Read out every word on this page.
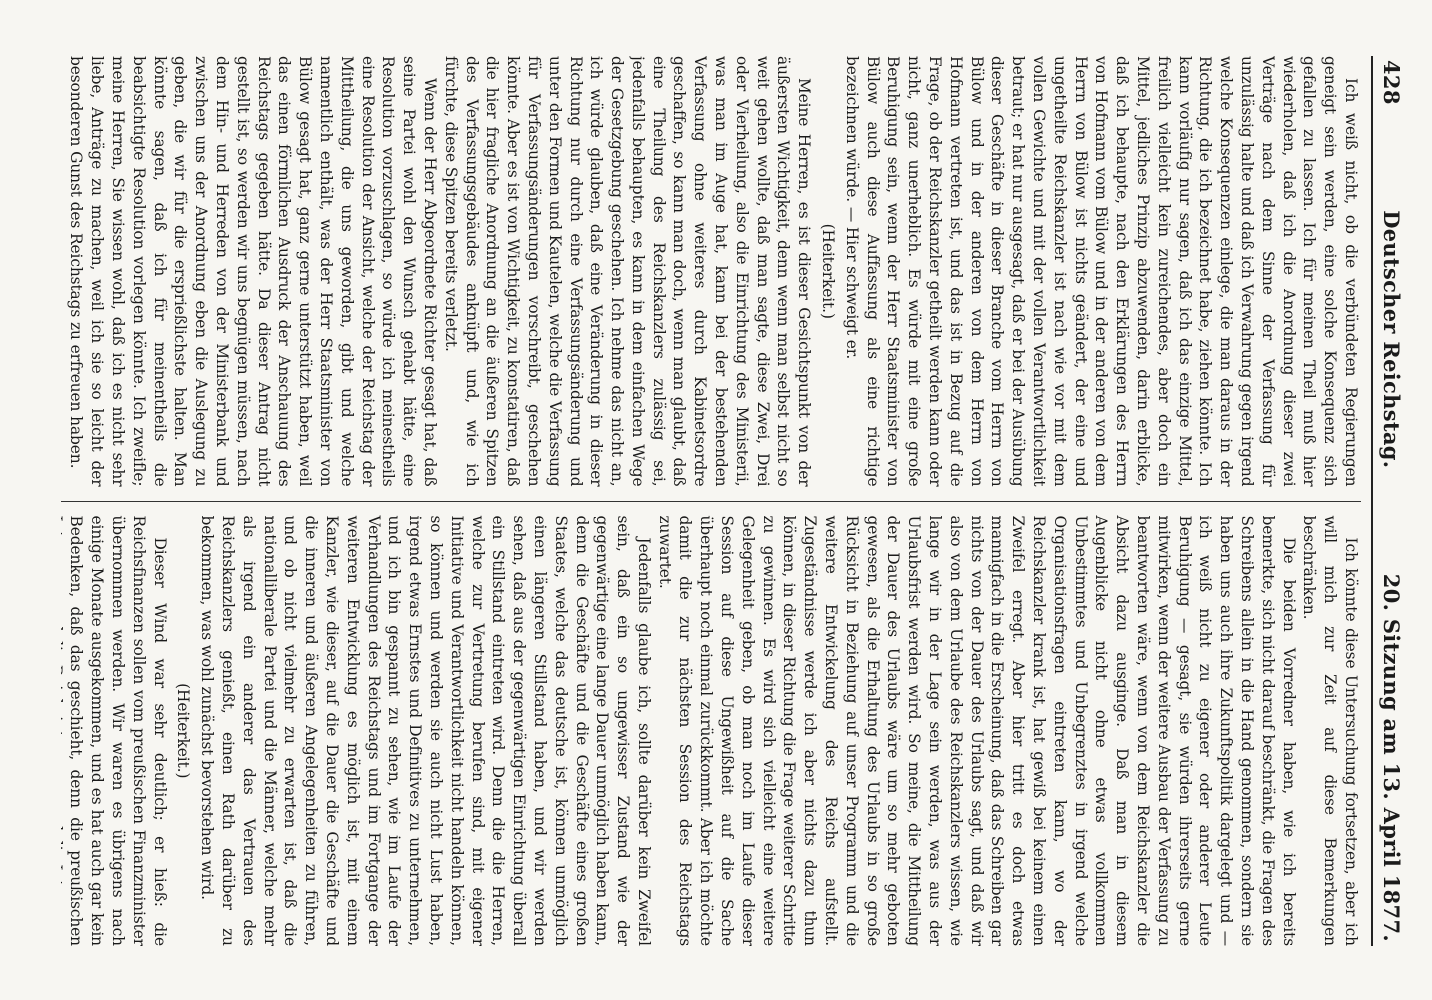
428
Deutscher Reichstag.
20. Sitzung am 13. April 1877.

Ich weiß nicht, ob die verbündeten Regierungen geneigt sein werden, eine solche Konsequenz sich gefallen zu lassen. Ich für meinen Theil muß hier wiederholen, daß ich die Anordnung dieser zwei Verträge nach dem Sinne der Verfassung für unzulässig halte und daß ich Verwahrung gegen irgend welche Konsequenzen einlege, die man daraus in der Richtung, die ich bezeichnet habe, ziehen könnte. Ich kann vorläufig nur sagen, daß ich das einzige Mittel, freilich vielleicht kein zureichendes, aber doch ein Mittel, jedliches Prinzip abzuwenden, darin erblicke, daß ich behaupte, nach den Erklärungen des Herrn von Hofmann vom Bülow und in der anderen von dem Herrn von Bülow ist nichts geändert, der eine und ungetheilte Reichskanzler ist nach wie vor mit dem vollen Gewichte und mit der vollen Verantwortlichkeit betraut; er hat nur ausgesagt, daß er bei der Ausübung dieser Geschäfte in dieser Branche vom Herrn von Bülow und in der anderen von dem Herrn von Hofmann vertreten ist, und das ist in Bezug auf die Frage, ob der Reichskanzler getheilt werden kann oder nicht, ganz unerheblich. Es würde mit eine große Beruhigung sein, wenn der Herr Staatsminister von Bülow auch diese Auffassung als eine richtige bezeichnen würde. — Hier schweigt er.

(Heiterkeit.)

Meine Herren, es ist dieser Gesichtspunkt von der äußersten Wichtigkeit, denn wenn man selbst nicht so weit gehen wollte, daß man sagte, diese Zwei, Drei oder Vierheilung, also die Einrichtung des Ministerii, was man im Auge hat, kann bei der bestehenden Verfassung ohne weiteres durch Kabinetsordre geschaffen, so kann man doch, wenn man glaubt, daß eine Theilung des Reichskanzlers zulässig sei, jedenfalls behaupten, es kann in dem einfachen Wege der Gesetzgebung geschehen. Ich nehme das nicht an, ich würde glauben, daß eine Veränderung in dieser Richtung nur durch eine Verfassungsänderung und unter den Formen und Kautelen, welche die Verfassung für Verfassungsänderungen vorschreibt, geschehen könnte. Aber es ist von Wichtigkeit, zu konstatiren, daß die hier fragliche Anordnung an die äußeren Spitzen des Verfassungsgebäudes anknüpft und, wie ich fürchte, diese Spitzen bereits verletzt.

Wenn der Herr Abgeordnete Richter gesagt hat, daß seine Partei wohl den Wunsch gehabt hätte, eine Resolution vorzuschlagen, so würde ich meinestheils eine Resolution der Ansicht, welche der Reichstag der Mittheilung, die uns geworden, gibt und welche namentlich enthält, was der Herr Staatsminister von Bülow gesagt hat, ganz gerne unterstützt haben, weil das einen förmlichen Ausdruck der Anschauung des Reichstags gegeben hätte. Da dieser Antrag nicht gestellt ist, so werden wir uns begnügen müssen, nach dem Hin- und Herreden von der Ministerbank und zwischen uns der Anordnung eben die Auslegung zu geben, die wir für die ersprießlichste halten. Man könnte sagen, daß ich für meinentheils die beabsichtigte Resolution vorlegen könnte. Ich zweifle; meine Herren, Sie wissen wohl, daß ich es nicht sehr liebe, Anträge zu machen, weil ich sie so leicht der besonderen Gunst des Reichstags zu erfreuen haben.

Ich könnte diese Untersuchung fortsetzen, aber ich will mich zur Zeit auf diese Bemerkungen beschränken.

Die beiden Vorredner haben, wie ich bereits bemerkte, sich nicht darauf beschränkt, die Fragen des Schreibens allein in die Hand genommen, sondern sie haben uns auch ihre Zukunftspolitik dargelegt und — ich weiß nicht zu eigener oder anderer Leute Beruhigung — gesagt, sie würden ihrerseits gerne mitwirken, wenn der weitere Ausbau der Verfassung zu beantworten wäre, wenn von dem Reichskanzler die Absicht dazu ausginge. Daß man in diesem Augenblicke nicht ohne etwas vollkommen Unbestimmtes und Unbegrenztes in irgend welche Organisationsfragen eintreten kann, wo der Reichskanzler krank ist, hat gewiß bei keinem einen Zweifel erregt. Aber hier tritt es doch etwas mannigfach in die Erscheinung, daß das Schreiben gar nichts von der Dauer des Urlaubs sagt, und daß wir also von dem Urlaube des Reichskanzlers wissen, wie lange wir in der Lage sein werden, was aus der Urlaubsfrist werden wird. So meine, die Mittheilung der Dauer des Urlaubs wäre um so mehr geboten gewesen, als die Erhaltung des Urlaubs in so große Rücksicht in Beziehung auf unser Programm und die weitere Entwickelung des Reichs aufstellt. Zugeständnisse werde ich aber nichts dazu thun können, in dieser Richtung die Frage weiterer Schritte zu gewinnen. Es wird sich vielleicht eine weitere Gelegenheit geben, ob man noch im Laufe dieser Session auf diese Ungewißheit auf die Sache überhaupt noch einmal zurückkommt. Aber ich möchte damit die zur nächsten Session des Reichstags zuwartet.

Jedenfalls glaube ich, sollte darüber kein Zweifel sein, daß ein so ungewisser Zustand wie der gegenwärtige eine lange Dauer unmöglich haben kann, denn die Geschäfte und die Geschäfte eines großen Staates, welche das deutsche ist, können unmöglich einen längeren Stillstand haben, und wir werden sehen, daß aus der gegenwärtigen Einrichtung überall ein Stillstand eintreten wird. Denn die die Herren, welche zur Vertretung berufen sind, mit eigener Initiative und Verantwortlichkeit nicht handeln können, so können und werden sie auch nicht Lust haben, irgend etwas Ernstes und Definitives zu unternehmen, und ich bin gespannt zu sehen, wie im Laufe der Verhandlungen des Reichstags und im Fortgange der weiteren Entwicklung es möglich ist, mit einem Kanzler, wie dieser, auf die Dauer die Geschäfte und die inneren und äußeren Angelegenheiten zu führen, und ob nicht vielmehr zu erwarten ist, daß die nationalliberale Partei und die Männer, welche mehr als irgend ein anderer das Vertrauen des Reichskanzlers genießt, einen Rath darüber zu bekommen, was wohl zunächst bevorstehen wird.

(Heiterkeit.)

Dieser Wind war sehr deutlich; er hieß: die Reichsfinanzen sollen vom preußischen Finanzminister übernommen werden. Wir waren es übrigens nach einige Monate ausgekommen, und es hat auch gar kein Bedenken, daß das geschieht, denn die preußischen Interessen und die Reichsinteressen und die Interessen
